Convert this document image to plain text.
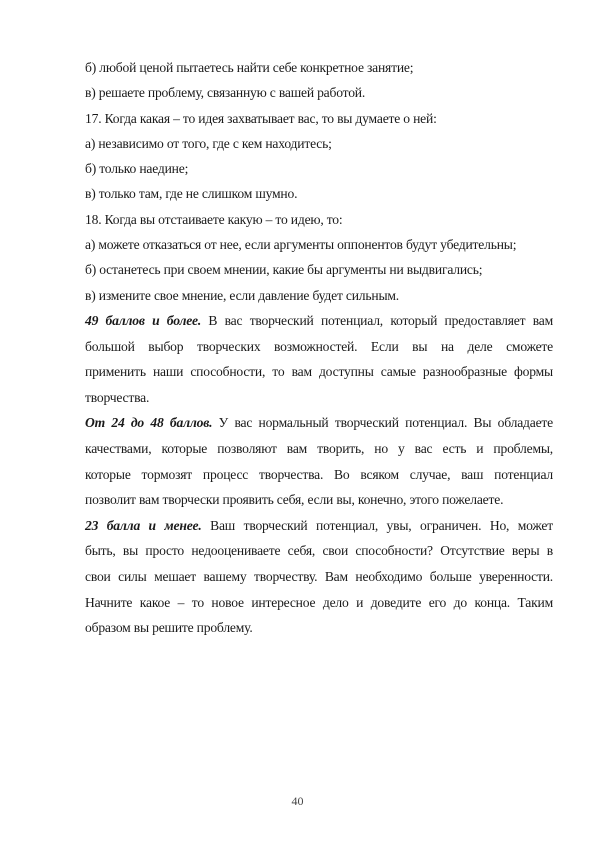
б) любой ценой пытаетесь найти себе конкретное занятие;
в) решаете проблему, связанную с вашей работой.
17. Когда какая – то идея захватывает вас, то вы думаете о ней:
а) независимо от того, где с кем находитесь;
б) только наедине;
в) только там, где не слишком шумно.
18. Когда вы отстаиваете какую – то идею, то:
а) можете отказаться от нее, если аргументы оппонентов будут убедительны;
б) останетесь при своем мнении, какие бы аргументы ни выдвигались;
в) измените свое мнение, если давление будет сильным.
49 баллов и более. В вас творческий потенциал, который предоставляет вам
большой выбор творческих возможностей. Если вы на деле сможете
применить наши способности, то вам доступны самые разнообразные формы
творчества.
От 24 до 48 баллов. У вас нормальный творческий потенциал. Вы обладаете
качествами, которые позволяют вам творить, но у вас есть и проблемы,
которые тормозят процесс творчества. Во всяком случае, ваш потенциал
позволит вам творчески проявить себя, если вы, конечно, этого пожелаете.
23 балла и менее. Ваш творческий потенциал, увы, ограничен. Но, может
быть, вы просто недооцениваете себя, свои способности? Отсутствие веры в
свои силы мешает вашему творчеству. Вам необходимо больше уверенности.
Начните какое – то новое интересное дело и доведите его до конца. Таким
образом вы решите проблему.
40
